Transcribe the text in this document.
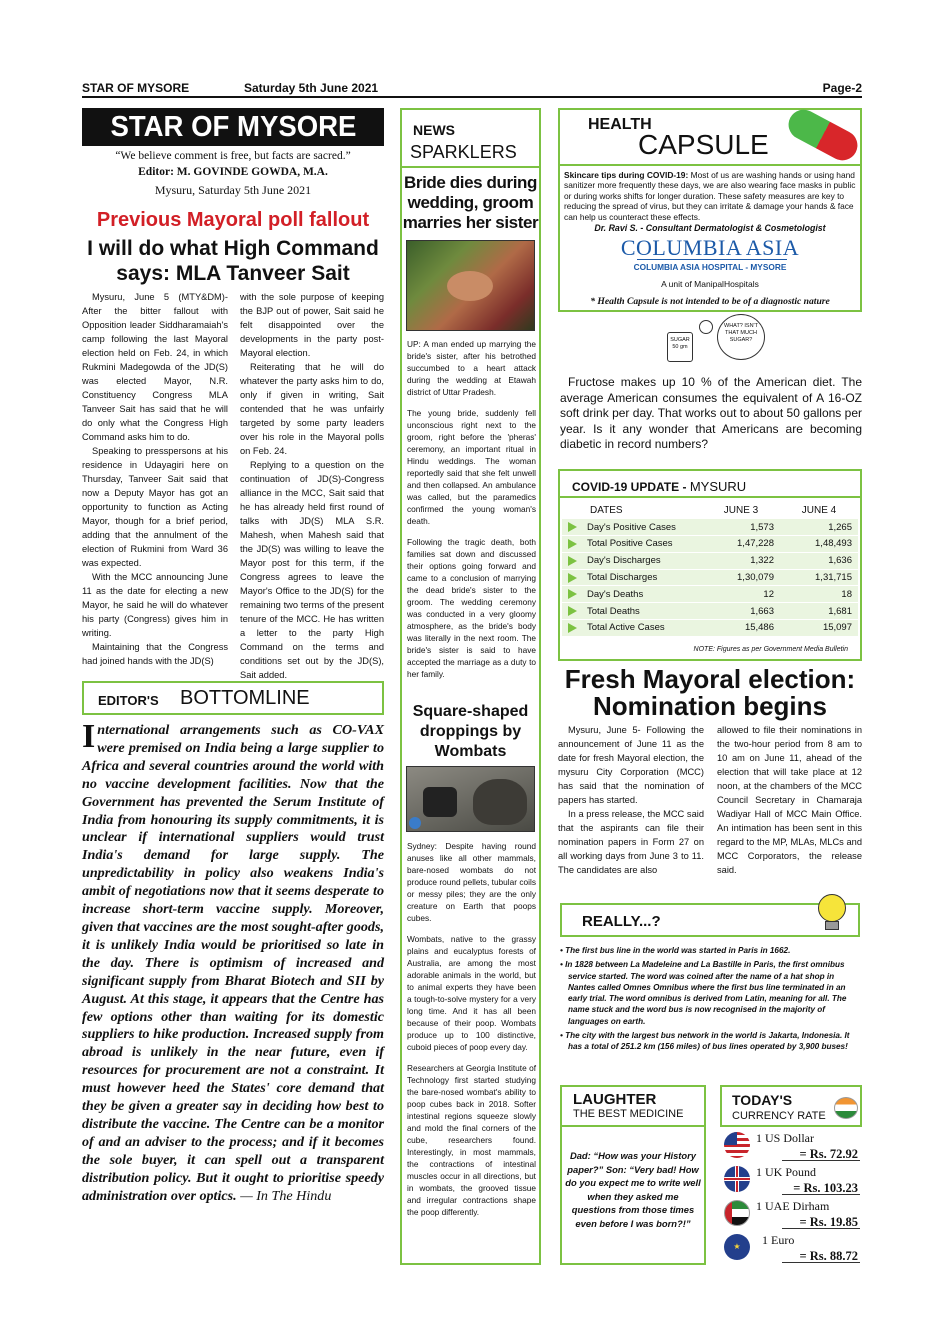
STAR OF MYSORE	Saturday 5th June 2021	Page-2
STAR OF MYSORE
“We believe comment is free, but facts are sacred.”
Editor: M. GOVINDE GOWDA, M.A.
Mysuru, Saturday 5th June 2021
Previous Mayoral poll fallout
I will do what High Command says: MLA Tanveer Sait

Mysuru, June 5 (MTY&DM)- After the bitter fallout with Opposition leader Siddharamaiah's camp following the last Mayoral election held on Feb. 24, in which Rukmini Madegowda of the JD(S) was elected Mayor, N.R. Constituency Congress MLA Tanveer Sait has said that he will do only what the Congress High Command asks him to do.

Speaking to presspersons at his residence in Udayagiri here on Thursday, Tanveer Sait said that now a Deputy Mayor has got an opportunity to function as Acting Mayor, though for a brief period, adding that the annulment of the election of Rukmini from Ward 36 was expected.

With the MCC announcing June 11 as the date for electing a new Mayor, he said he will do whatever his party (Congress) gives him in writing.

Maintaining that the Congress had joined hands with the JD(S)

with the sole purpose of keeping the BJP out of power, Sait said he felt disappointed over the developments in the party post-Mayoral election.

Reiterating that he will do whatever the party asks him to do, only if given in writing, Sait contended that he was unfairly targeted by some party leaders over his role in the Mayoral polls on Feb. 24.

Replying to a question on the continuation of JD(S)-Congress alliance in the MCC, Sait said that he has already held first round of talks with JD(S) MLA S.R. Mahesh, when Mahesh said that the JD(S) was willing to leave the Mayor post for this term, if the Congress agrees to leave the Mayor's Office to the JD(S) for the remaining two terms of the present tenure of the MCC. He has written a letter to the party High Command on the terms and conditions set out by the JD(S), Sait added.

EDITOR'S BOTTOMLINE
International arrangements such as CO-VAX were premised on India being a large supplier to Africa and several countries around the world with no vaccine development facilities. Now that the Government has prevented the Serum Institute of India from honouring its supply commitments, it is unclear if international suppliers would trust India's demand for large supply. The unpredictability in policy also weakens India's ambit of negotiations now that it seems desperate to increase short-term vaccine supply. Moreover, given that vaccines are the most sought-after goods, it is unlikely India would be prioritised so late in the day. There is optimism of increased and significant supply from Bharat Biotech and SII by August. At this stage, it appears that the Centre has few options other than waiting for its domestic suppliers to hike production. Increased supply from abroad is unlikely in the near future, even if resources for procurement are not a constraint. It must however heed the States' core demand that they be given a greater say in deciding how best to distribute the vaccine. The Centre can be a monitor of and an adviser to the process; and if it becomes the sole buyer, it can spell out a transparent distribution policy. But it ought to prioritise speedy administration over optics. — In The Hindu
NEWS
SPARKLERS
Bride dies during wedding, groom marries her sister

UP: A man ended up marrying the bride's sister, after his betrothed succumbed to a heart attack during the wedding at Etawah district of Uttar Pradesh.

The young bride, suddenly fell unconscious right next to the groom, right before the 'pheras' ceremony, an important ritual in Hindu weddings. The woman reportedly said that she felt unwell and then collapsed. An ambulance was called, but the paramedics confirmed the young woman's death.

Following the tragic death, both families sat down and discussed their options going forward and came to a conclusion of marrying the dead bride's sister to the groom. The wedding ceremony was conducted in a very gloomy atmosphere, as the bride's body was literally in the next room. The bride's sister is said to have accepted the marriage as a duty to her family.

Square-shaped droppings by Wombats

Sydney: Despite having round anuses like all other mammals, bare-nosed wombats do not produce round pellets, tubular coils or messy piles; they are the only creature on Earth that poops cubes.

Wombats, native to the grassy plains and eucalyptus forests of Australia, are among the most adorable animals in the world, but to animal experts they have been a tough-to-solve mystery for a very long time. And it has all been because of their poop. Wombats produce up to 100 distinctive, cuboid pieces of poop every day.

Researchers at Georgia Institute of Technology first started studying the bare-nosed wombat's ability to poop cubes back in 2018. Softer intestinal regions squeeze slowly and mold the final corners of the cube, researchers found. Interestingly, in most mammals, the contractions of intestinal muscles occur in all directions, but in wombats, the grooved tissue and irregular contractions shape the poop differently.

HEALTH
CAPSULE
Skincare tips during COVID-19: Most of us are washing hands or using hand sanitizer more frequently these days, we are also wearing face masks in public or during works shifts for longer duration. These safety measures are key to reducing the spread of virus, but they can irritate & damage your hands & face can help us counteract these effects.
Dr. Ravi S. - Consultant Dermatologist & Cosmetologist
COLUMBIA ASIA
COLUMBIA ASIA HOSPITAL - MYSORE
A unit of ManipalHospitals
* Health Capsule is not intended to be of a diagnostic nature
SUGAR 50 gm
WHAT? ISN'T THAT MUCH SUGAR?
Fructose makes up 10 % of the American diet. The average American consumes the equivalent of A 16-OZ soft drink per day. That works out to about 50 gallons per year. Is it any wonder that Americans are becoming diabetic in record numbers?
COVID-19 UPDATE - MYSURU
DATES	JUNE 3	JUNE 4
Day's Positive Cases	1,573	1,265
Total Positive Cases	1,47,228	1,48,493
Day's Discharges	1,322	1,636
Total Discharges	1,30,079	1,31,715
Day's Deaths	12	18
Total Deaths	1,663	1,681
Total Active Cases	15,486	15,097
NOTE: Figures as per Government Media Bulletin
Fresh Mayoral election: Nomination begins

Mysuru, June 5- Following the announcement of June 11 as the date for fresh Mayoral election, the mysuru City Corporation (MCC) has said that the nomination of papers has started.

In a press release, the MCC said that the aspirants can file their nomination papers in Form 27 on all working days from June 3 to 11. The candidates are also

allowed to file their nominations in the two-hour period from 8 am to 10 am on June 11, ahead of the election that will take place at 12 noon, at the chambers of the MCC Council Secretary in Chamaraja Wadiyar Hall of MCC Main Office. An intimation has been sent in this regard to the MP, MLAs, MLCs and MCC Corporators, the release said.

REALLY...?
• The first bus line in the world was started in Paris in 1662.
• In 1828 between La Madeleine and La Bastille in Paris, the first omnibus service started. The word was coined after the name of a hat shop in Nantes called Omnes Omnibus where the first bus line terminated in an early trial. The word omnibus is derived from Latin, meaning for all. The name stuck and the word bus is now recognised in the majority of languages on earth.
• The city with the largest bus network in the world is Jakarta, Indonesia. It has a total of 251.2 km (156 miles) of bus lines operated by 3,900 buses!
LAUGHTER
THE BEST MEDICINE
Dad: “How was your History paper?” Son: “Very bad! How do you expect me to write well when they asked me questions from those times even before I was born?!”
TODAY'S
CURRENCY RATE
1 US Dollar
= Rs. 72.92
1 UK Pound
= Rs. 103.23
1 UAE Dirham
= Rs. 19.85
★	1 Euro
= Rs. 88.72
